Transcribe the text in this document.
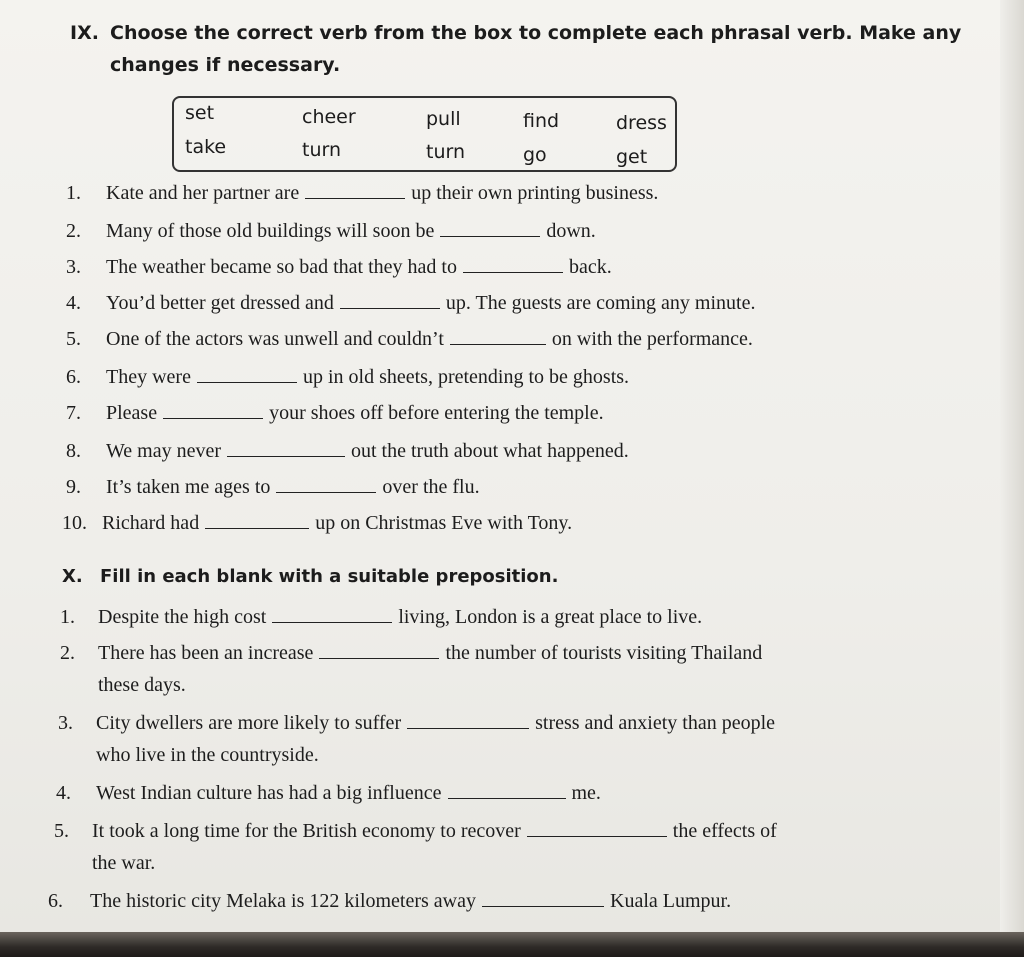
IX. Choose the correct verb from the box to complete each phrasal verb. Make any
changes if necessary.
set	cheer	pull	find	dress
take	turn	turn	go	get
1. Kate and her partner are	up their own printing business.
2. Many of those old buildings will soon be	down.
3. The weather became so bad that they had to	back.
4. You’d better get dressed and	up. The guests are coming any minute.
5. One of the actors was unwell and couldn’t	on with the performance.
6. They were	up in old sheets, pretending to be ghosts.
7. Please	your shoes off before entering the temple.
8. We may never	out the truth about what happened.
9. It’s taken me ages to	over the flu.
10. Richard had	up on Christmas Eve with Tony.
X. Fill in each blank with a suitable preposition.
1. Despite the high cost	living, London is a great place to live.
2. There has been an increase	the number of tourists visiting Thailand
these days.
3. City dwellers are more likely to suffer	stress and anxiety than people
who live in the countryside.
4. West Indian culture has had a big influence	me.
5. It took a long time for the British economy to recover	the effects of
the war.
6. The historic city Melaka is 122 kilometers away	Kuala Lumpur.
